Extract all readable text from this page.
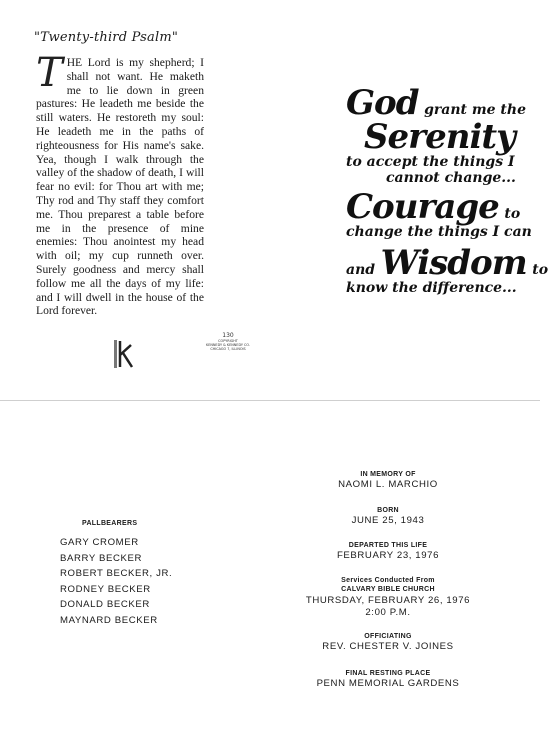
"Twenty-third Psalm"
THE Lord is my shepherd; I shall not want. He maketh me to lie down in green pastures: He leadeth me beside the still waters. He restoreth my soul: He leadeth me in the paths of righteousness for His name's sake. Yea, though I walk through the valley of the shadow of death, I will fear no evil: for Thou art with me; Thy rod and Thy staff they comfort me. Thou preparest a table before me in the presence of mine enemies: Thou anointest my head with oil; my cup runneth over. Surely goodness and mercy shall follow me all the days of my life: and I will dwell in the house of the Lord forever.
130
COPYRIGHT
KENNEDY & KENNEDY CO.
CHICAGO 7, ILLINOIS
God grant me the
Serenity
to accept the things I
cannot change...
Courage to
change the things I can
and Wisdom to
know the difference...
IN MEMORY OF
NAOMI L. MARCHIO
BORN
JUNE 25, 1943
DEPARTED THIS LIFE
FEBRUARY 23, 1976
Services Conducted From
CALVARY BIBLE CHURCH
THURSDAY, FEBRUARY 26, 1976
2:00 P.M.
OFFICIATING
REV. CHESTER V. JOINES
FINAL RESTING PLACE
PENN MEMORIAL GARDENS
PALLBEARERS
GARY CROMER
BARRY BECKER
ROBERT BECKER, JR.
RODNEY BECKER
DONALD BECKER
MAYNARD BECKER
